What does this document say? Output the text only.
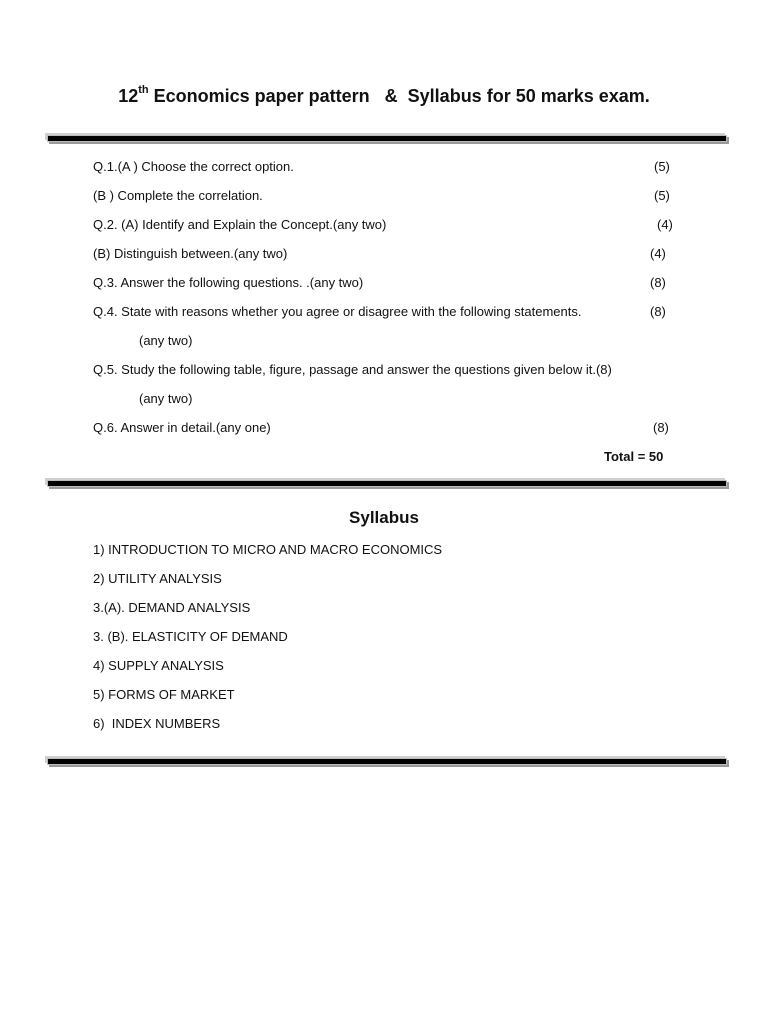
12th Economics paper pattern   &  Syllabus for 50 marks exam.
Q.1.(A ) Choose the correct option.	(5)
(B ) Complete the correlation.	(5)
Q.2. (A) Identify and Explain the Concept.(any two)	(4)
(B) Distinguish between.(any two)	(4)
Q.3. Answer the following questions. .(any two)	(8)
Q.4. State with reasons whether you agree or disagree with the following statements.	(8)
(any two)
Q.5. Study the following table, figure, passage and answer the questions given below it.(8)
(any two)
Q.6. Answer in detail.(any one)	(8)
Total = 50
Syllabus
1) INTRODUCTION TO MICRO AND MACRO ECONOMICS
2) UTILITY ANALYSIS
3.(A). DEMAND ANALYSIS
3. (B). ELASTICITY OF DEMAND
4) SUPPLY ANALYSIS
5) FORMS OF MARKET
6)  INDEX NUMBERS
